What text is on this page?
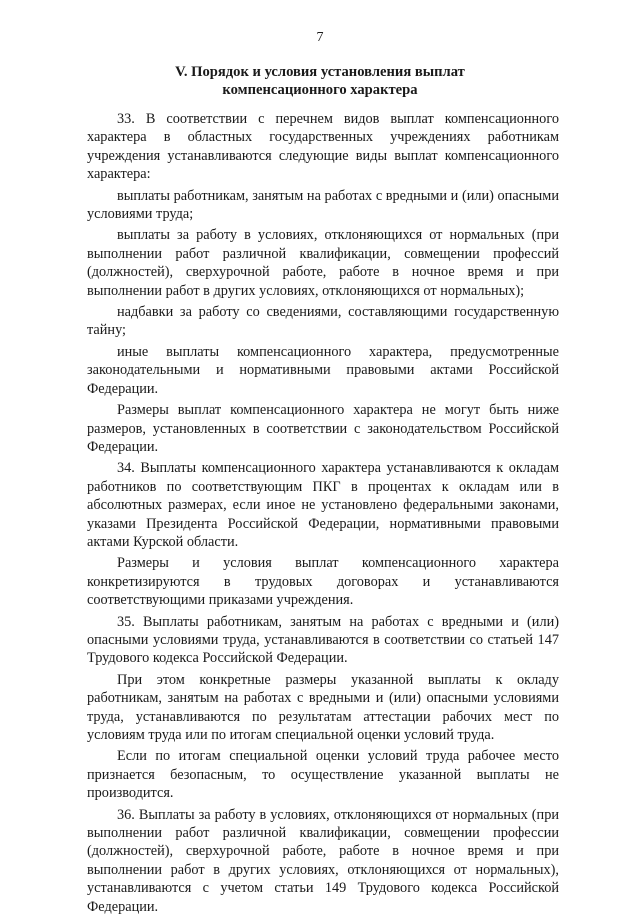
7
V. Порядок и условия установления выплат
компенсационного характера

33. В соответствии с перечнем видов выплат компенсационного характера в областных государственных учреждениях работникам учреждения устанавливаются следующие виды выплат компенсационного характера:

выплаты работникам, занятым на работах с вредными и (или) опасными условиями труда;

выплаты за работу в условиях, отклоняющихся от нормальных (при выполнении работ различной квалификации, совмещении профессий (должностей), сверхурочной работе, работе в ночное время и при выполнении работ в других условиях, отклоняющихся от нормальных);

надбавки за работу со сведениями, составляющими государственную тайну;

иные выплаты компенсационного характера, предусмотренные законодательными и нормативными правовыми актами Российской Федерации.

Размеры выплат компенсационного характера не могут быть ниже размеров, установленных в соответствии с законодательством Российской Федерации.

34. Выплаты компенсационного характера устанавливаются к окладам работников по соответствующим ПКГ в процентах к окладам или в абсолютных размерах, если иное не установлено федеральными законами, указами Президента Российской Федерации, нормативными правовыми актами Курской области.

Размеры и условия выплат компенсационного характера конкретизируются в трудовых договорах и устанавливаются соответствующими приказами учреждения.

35. Выплаты работникам, занятым на работах с вредными и (или) опасными условиями труда, устанавливаются в соответствии со статьей 147 Трудового кодекса Российской Федерации.

При этом конкретные размеры указанной выплаты к окладу работникам, занятым на работах с вредными и (или) опасными условиями труда, устанавливаются по результатам аттестации рабочих мест по условиям труда или по итогам специальной оценки условий труда.

Если по итогам специальной оценки условий труда рабочее место признается безопасным, то осуществление указанной выплаты не производится.

36. Выплаты за работу в условиях, отклоняющихся от нормальных (при выполнении работ различной квалификации, совмещении профессии (должностей), сверхурочной работе, работе в ночное время и при выполнении работ в других условиях, отклоняющихся от нормальных), устанавливаются с учетом статьи 149 Трудового кодекса Российской Федерации.
